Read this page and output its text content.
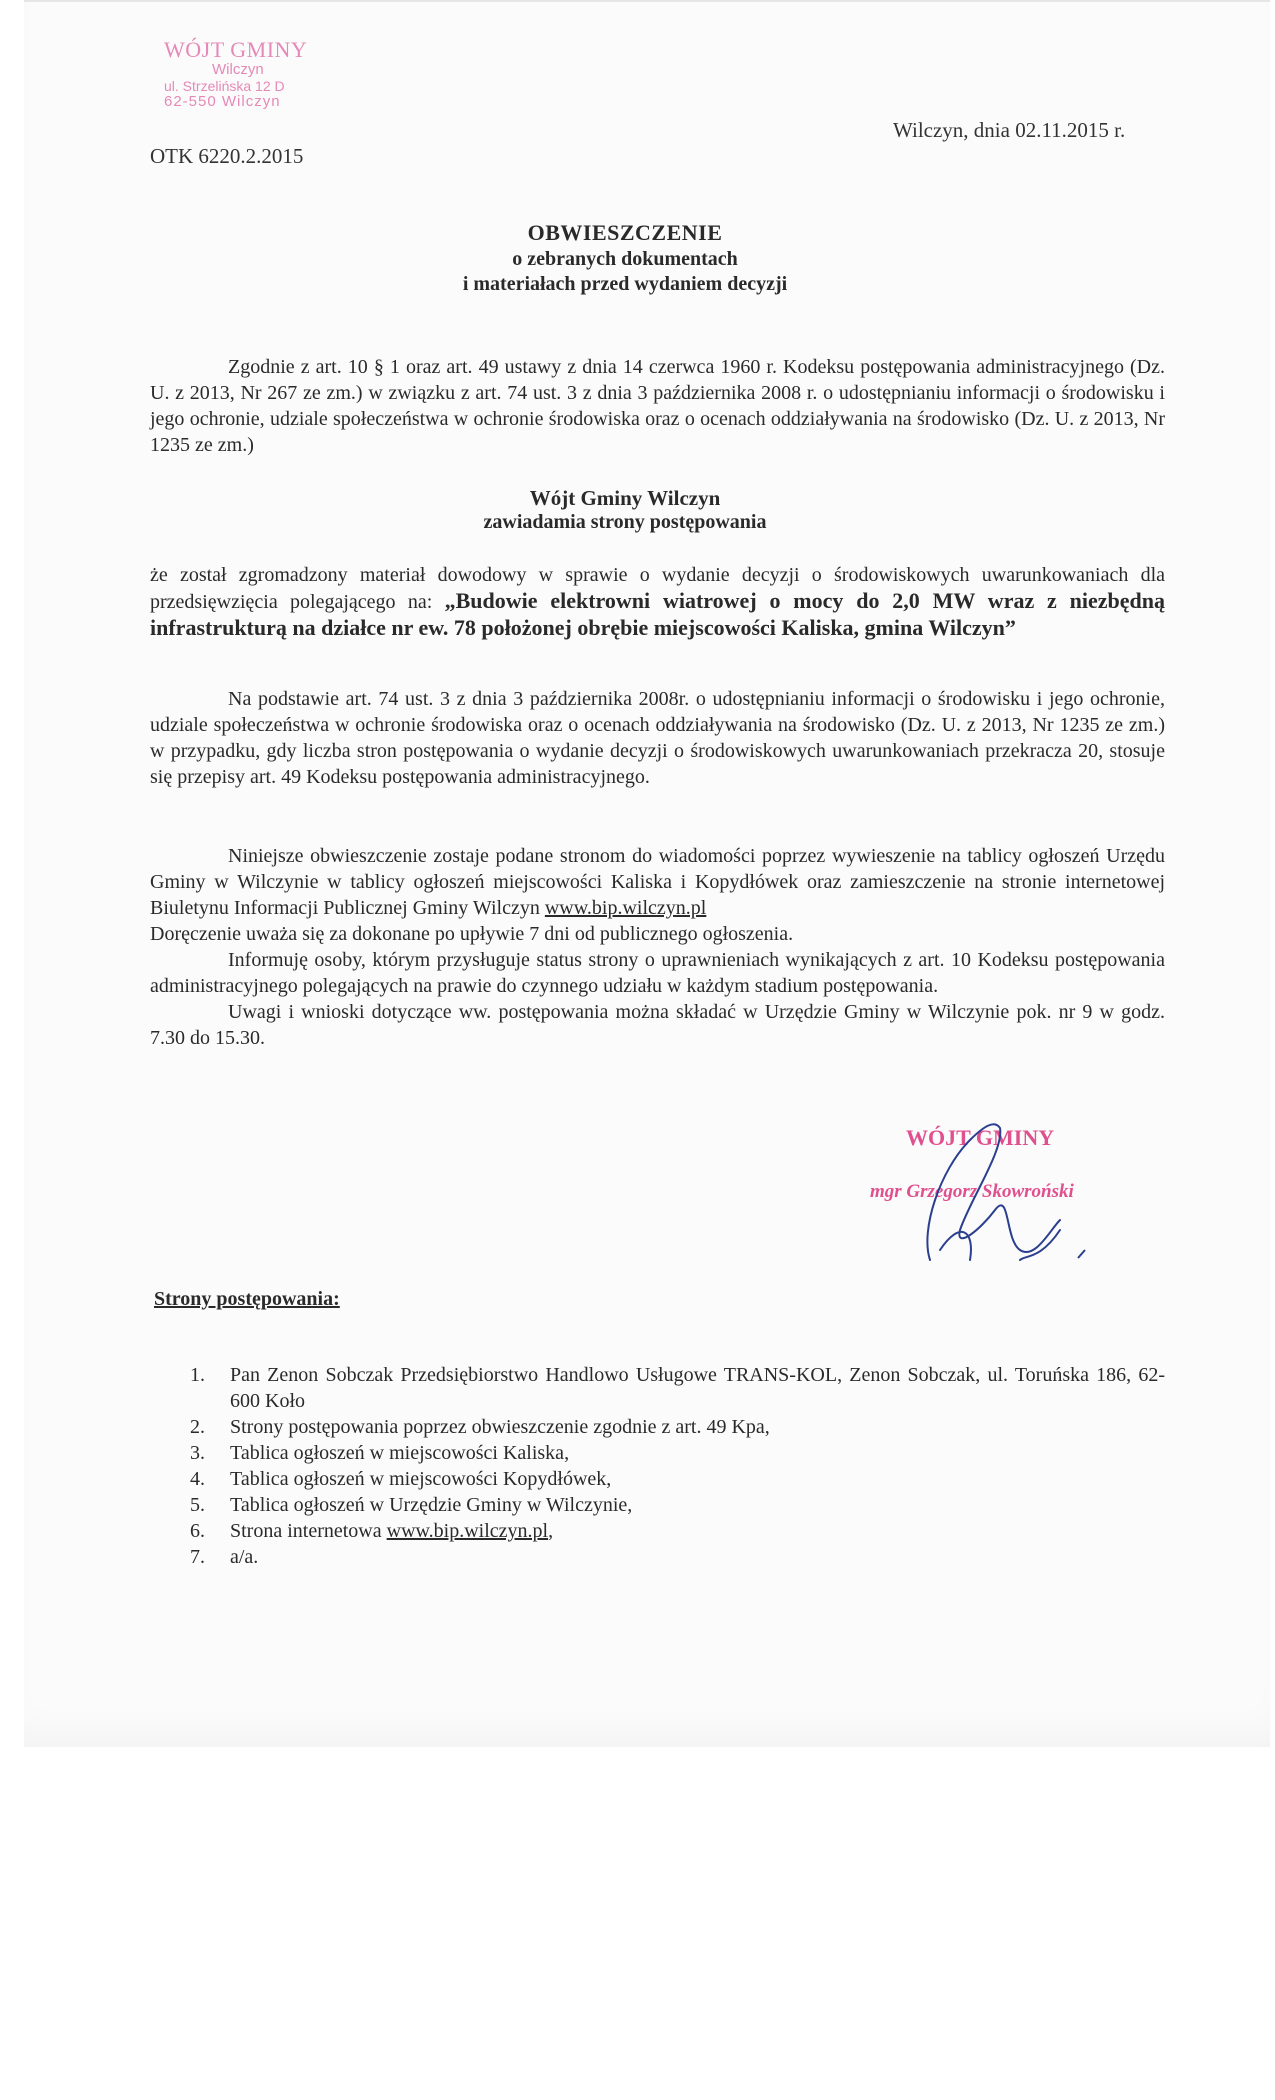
WÓJT GMINY
Wilczyn
ul. Strzelińska 12 D
62-550 Wilczyn
OTK 6220.2.2015
Wilczyn, dnia 02.11.2015 r.
OBWIESZCZENIE
o zebranych dokumentach
i materiałach przed wydaniem decyzji
Zgodnie z art. 10 § 1 oraz art. 49 ustawy z dnia 14 czerwca 1960 r. Kodeksu postępowania administracyjnego (Dz. U. z 2013, Nr 267 ze zm.) w związku z art. 74 ust. 3 z dnia 3 października 2008 r. o udostępnianiu informacji o środowisku i jego ochronie, udziale społeczeństwa w ochronie środowiska oraz o ocenach oddziaływania na środowisko (Dz. U. z 2013, Nr 1235 ze zm.)
Wójt Gminy Wilczyn
zawiadamia strony postępowania
że został zgromadzony materiał dowodowy w sprawie o wydanie decyzji o środowiskowych uwarunkowaniach dla przedsięwzięcia polegającego na: „Budowie elektrowni wiatrowej o mocy do 2,0 MW wraz z niezbędną infrastrukturą na działce nr ew. 78 położonej obrębie miejscowości Kaliska, gmina Wilczyn”
Na podstawie art. 74 ust. 3 z dnia 3 października 2008r. o udostępnianiu informacji o środowisku i jego ochronie, udziale społeczeństwa w ochronie środowiska oraz o ocenach oddziaływania na środowisko (Dz. U. z 2013, Nr 1235 ze zm.) w przypadku, gdy liczba stron postępowania o wydanie decyzji o środowiskowych uwarunkowaniach przekracza 20, stosuje się przepisy art. 49 Kodeksu postępowania administracyjnego.
Niniejsze obwieszczenie zostaje podane stronom do wiadomości poprzez wywieszenie na tablicy ogłoszeń Urzędu Gminy w Wilczynie w tablicy ogłoszeń miejscowości Kaliska i Kopydłówek oraz zamieszczenie na stronie internetowej Biuletynu Informacji Publicznej Gminy Wilczyn www.bip.wilczyn.pl
Doręczenie uważa się za dokonane po upływie 7 dni od publicznego ogłoszenia.
Informuję osoby, którym przysługuje status strony o uprawnieniach wynikających z art. 10 Kodeksu postępowania administracyjnego polegających na prawie do czynnego udziału w każdym stadium postępowania.
Uwagi i wnioski dotyczące ww. postępowania można składać w Urzędzie Gminy w Wilczynie pok. nr 9 w godz. 7.30 do 15.30.
WÓJT GMINY
mgr Grzegorz Skowroński
Strony postępowania:
1. Pan Zenon Sobczak Przedsiębiorstwo Handlowo Usługowe TRANS-KOL, Zenon Sobczak, ul. Toruńska 186, 62-600 Koło
2. Strony postępowania poprzez obwieszczenie zgodnie z art. 49 Kpa,
3. Tablica ogłoszeń w miejscowości Kaliska,
4. Tablica ogłoszeń w miejscowości Kopydłówek,
5. Tablica ogłoszeń w Urzędzie Gminy w Wilczynie,
6. Strona internetowa www.bip.wilczyn.pl,
7. a/a.
